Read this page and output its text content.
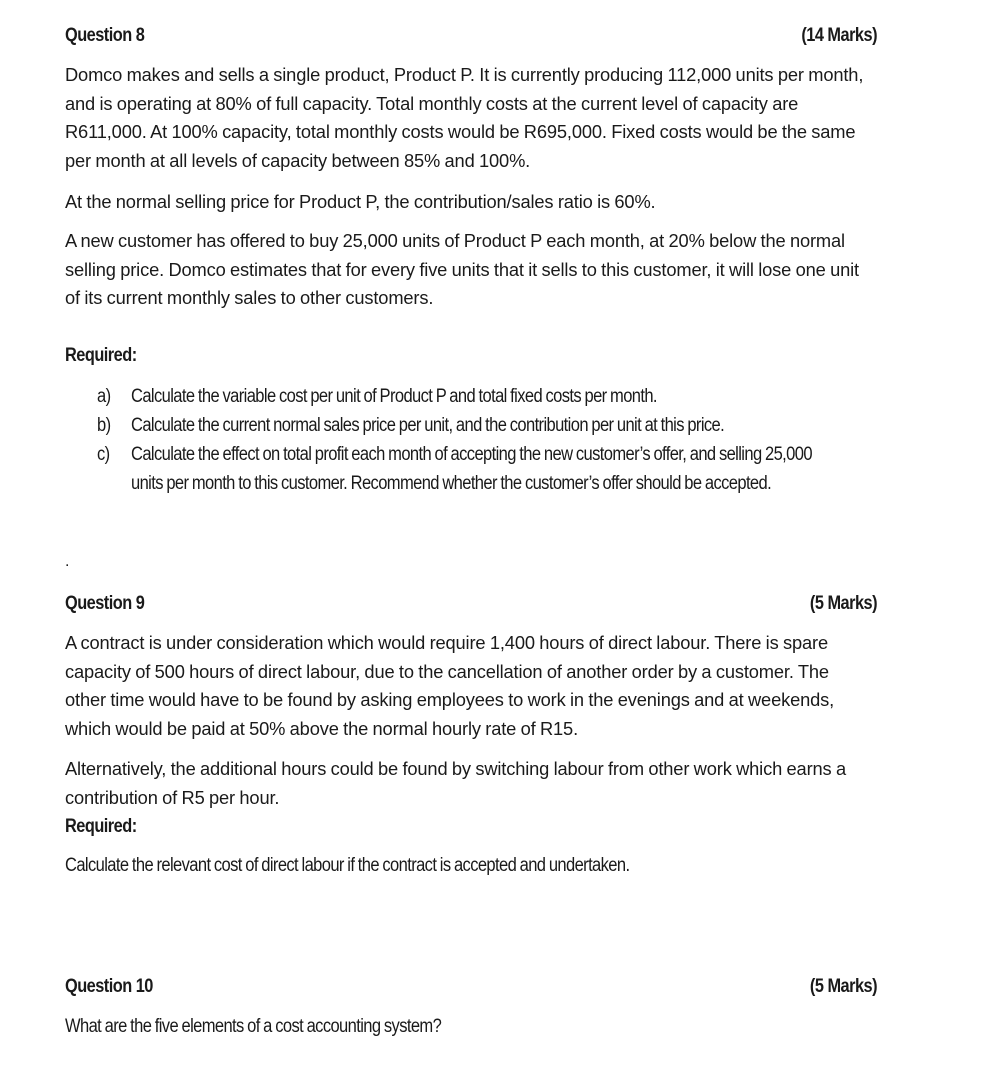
Question 8	(14 Marks)
Domco makes and sells a single product, Product P. It is currently producing 112,000 units per month,
and is operating at 80% of full capacity. Total monthly costs at the current level of capacity are
R611,000. At 100% capacity, total monthly costs would be R695,000. Fixed costs would be the same
per month at all levels of capacity between 85% and 100%.
At the normal selling price for Product P, the contribution/sales ratio is 60%.
A new customer has offered to buy 25,000 units of Product P each month, at 20% below the normal
selling price. Domco estimates that for every five units that it sells to this customer, it will lose one unit
of its current monthly sales to other customers.
Required:
a) Calculate the variable cost per unit of Product P and total fixed costs per month.
b) Calculate the current normal sales price per unit, and the contribution per unit at this price.
c) Calculate the effect on total profit each month of accepting the new customer’s offer, and selling 25,000
units per month to this customer. Recommend whether the customer’s offer should be accepted.
.
Question 9	(5 Marks)
A contract is under consideration which would require 1,400 hours of direct labour. There is spare
capacity of 500 hours of direct labour, due to the cancellation of another order by a customer. The
other time would have to be found by asking employees to work in the evenings and at weekends,
which would be paid at 50% above the normal hourly rate of R15.
Alternatively, the additional hours could be found by switching labour from other work which earns a
contribution of R5 per hour.
Required:
Calculate the relevant cost of direct labour if the contract is accepted and undertaken.
Question 10	(5 Marks)
What are the five elements of a cost accounting system?
